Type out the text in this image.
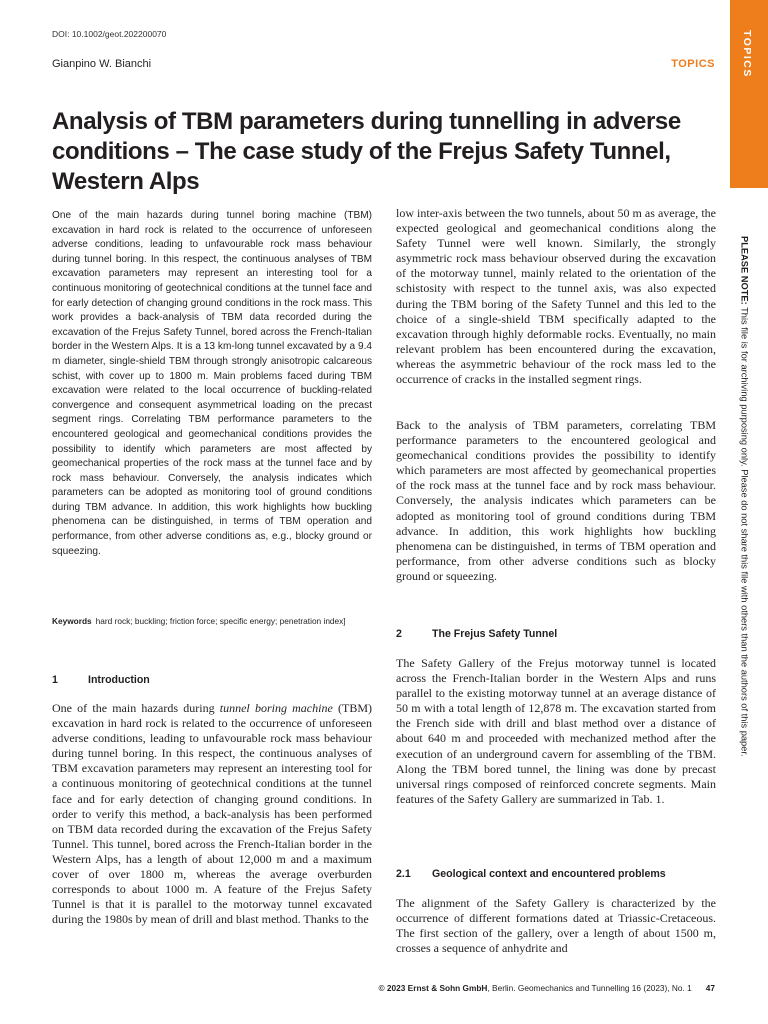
DOI: 10.1002/geot.202200070
Gianpino W. Bianchi	TOPICS TOPICS
PLEASE NOTE: This file is for archiving purposing only. Please do not share this file with others than the authors of this paper.
Analysis of TBM parameters during tunnelling in adverse conditions – The case study of the Frejus Safety Tunnel, Western Alps

One of the main hazards during tunnel boring machine (TBM) excavation in hard rock is related to the occurrence of unforeseen adverse conditions, leading to unfavourable rock mass behaviour during tunnel boring. In this respect, the continuous analyses of TBM excavation parameters may represent an interesting tool for a continuous monitoring of geotechnical conditions at the tunnel face and for early detection of changing ground conditions in the rock mass. This work provides a back-analysis of TBM data recorded during the excavation of the Frejus Safety Tunnel, bored across the French-Italian border in the Western Alps. It is a 13 km-long tunnel excavated by a 9.4 m diameter, single-shield TBM through strongly anisotropic calcareous schist, with cover up to 1800 m. Main problems faced during TBM excavation were related to the local occurrence of buckling-related convergence and consequent asymmetrical loading on the precast segment rings. Correlating TBM performance parameters to the encountered geological and geomechanical conditions provides the possibility to identify which parameters are most affected by geomechanical properties of the rock mass at the tunnel face and by rock mass behaviour. Conversely, the analysis indicates which parameters can be adopted as monitoring tool of ground conditions during TBM advance. In addition, this work highlights how buckling phenomena can be distinguished, in terms of TBM operation and performance, from other adverse conditions as, e.g., blocky ground or squeezing.

Keywords hard rock; buckling; friction force; specific energy; penetration index]
1	Introduction

One of the main hazards during tunnel boring machine (TBM) excavation in hard rock is related to the occurrence of unforeseen adverse conditions, leading to unfavourable rock mass behaviour during tunnel boring. In this respect, the continuous analyses of TBM excavation parameters may represent an interesting tool for a continuous monitoring of geotechnical conditions at the tunnel face and for early detection of changing ground conditions. In order to verify this method, a back-analysis has been performed on TBM data recorded during the excavation of the Frejus Safety Tunnel. This tunnel, bored across the French-Italian border in the Western Alps, has a length of about 12,000 m and a maximum cover of over 1800 m, whereas the average overburden corresponds to about 1000 m. A feature of the Frejus Safety Tunnel is that it is parallel to the motorway tunnel excavated during the 1980s by mean of drill and blast method. Thanks to the

low inter-axis between the two tunnels, about 50 m as average, the expected geological and geomechanical conditions along the Safety Tunnel were well known. Similarly, the strongly asymmetric rock mass behaviour observed during the excavation of the motorway tunnel, mainly related to the orientation of the schistosity with respect to the tunnel axis, was also expected during the TBM boring of the Safety Tunnel and this led to the choice of a single-shield TBM specifically adapted to the excavation through highly deformable rocks. Eventually, no main relevant problem has been encountered during the excavation, whereas the asymmetric behaviour of the rock mass led to the occurrence of cracks in the installed segment rings.

Back to the analysis of TBM parameters, correlating TBM performance parameters to the encountered geological and geomechanical conditions provides the possibility to identify which parameters are most affected by geomechanical properties of the rock mass at the tunnel face and by rock mass behaviour. Conversely, the analysis indicates which parameters can be adopted as monitoring tool of ground conditions during TBM advance. In addition, this work highlights how buckling phenomena can be distinguished, in terms of TBM operation and performance, from other adverse conditions such as blocky ground or squeezing.

2	The Frejus Safety Tunnel

The Safety Gallery of the Frejus motorway tunnel is located across the French-Italian border in the Western Alps and runs parallel to the existing motorway tunnel at an average distance of 50 m with a total length of 12,878 m. The excavation started from the French side with drill and blast method over a distance of about 640 m and proceeded with mechanized method after the execution of an underground cavern for assembling of the TBM. Along the TBM bored tunnel, the lining was done by precast universal rings composed of reinforced concrete segments. Main features of the Safety Gallery are summarized in Tab. 1.

2.1 Geological context and encountered problems

The alignment of the Safety Gallery is characterized by the occurrence of different formations dated at Triassic-Cretaceous. The first section of the gallery, over a length of about 1500 m, crosses a sequence of anhydrite and

© 2023 Ernst & Sohn GmbH, Berlin. Geomechanics and Tunnelling 16 (2023), No. 1 47
